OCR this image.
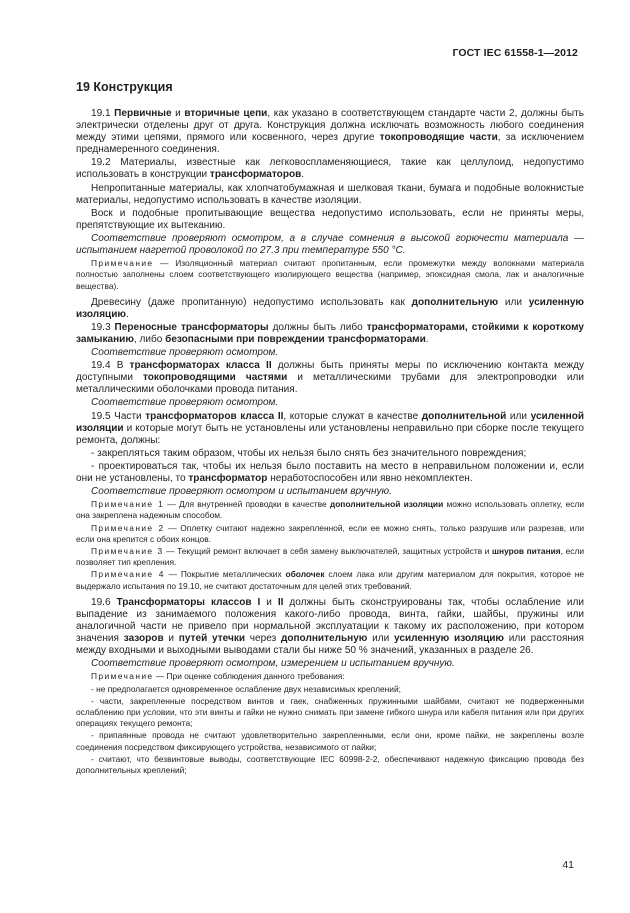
ГОСТ IEC 61558-1—2012
19 Конструкция

19.1 Первичные и вторичные цепи, как указано в соответствующем стандарте части 2, должны быть электрически отделены друг от друга. Конструкция должна исключать возможность любого соединения между этими цепями, прямого или косвенного, через другие токопроводящие части, за исключением преднамеренного соединения.

19.2 Материалы, известные как легковоспламеняющиеся, такие как целлулоид, недопустимо использовать в конструкции трансформаторов.

Непропитанные материалы, как хлопчатобумажная и шелковая ткани, бумага и подобные волокнистые материалы, недопустимо использовать в качестве изоляции.

Воск и подобные пропитывающие вещества недопустимо использовать, если не приняты меры, препятствующие их вытеканию.

Соответствие проверяют осмотром, а в случае сомнения в высокой горючести материала — испытанием нагретой проволокой по 27.3 при температуре 550 °С.

Примечание — Изоляционный материал считают пропитанным, если промежутки между волокнами материала полностью заполнены слоем соответствующего изолирующего вещества (например, эпоксидная смола, лак и аналогичные вещества).

Древесину (даже пропитанную) недопустимо использовать как дополнительную или усиленную изоляцию.

19.3 Переносные трансформаторы должны быть либо трансформаторами, стойкими к короткому замыканию, либо безопасными при повреждении трансформаторами.

Соответствие проверяют осмотром.

19.4 В трансформаторах класса II должны быть приняты меры по исключению контакта между доступными токопроводящими частями и металлическими трубами для электропроводки или металлическими оболочками провода питания.

Соответствие проверяют осмотром.

19.5 Части трансформаторов класса II, которые служат в качестве дополнительной или усиленной изоляции и которые могут быть не установлены или установлены неправильно при сборке после текущего ремонта, должны:

- закрепляться таким образом, чтобы их нельзя было снять без значительного повреждения;

- проектироваться так, чтобы их нельзя было поставить на место в неправильном положении и, если они не установлены, то трансформатор неработоспособен или явно некомплектен.

Соответствие проверяют осмотром и испытанием вручную.

Примечание 1 — Для внутренней проводки в качестве дополнительной изоляции можно использовать оплетку, если она закреплена надежным способом.

Примечание 2 — Оплетку считают надежно закрепленной, если ее можно снять, только разрушив или разрезав, или если она крепится с обоих концов.

Примечание 3 — Текущий ремонт включает в себя замену выключателей, защитных устройств и шнуров питания, если позволяет тип крепления.

Примечание 4 — Покрытие металлических оболочек слоем лака или другим материалом для покрытия, которое не выдержало испытания по 19.10, не считают достаточным для целей этих требований.

19.6 Трансформаторы классов I и II должны быть сконструированы так, чтобы ослабление или выпадение из занимаемого положения какого-либо провода, винта, гайки, шайбы, пружины или аналогичной части не привело при нормальной эксплуатации к такому их расположению, при котором значения зазоров и путей утечки через дополнительную или усиленную изоляцию или расстояния между входными и выходными выводами стали бы ниже 50 % значений, указанных в разделе 26.

Соответствие проверяют осмотром, измерением и испытанием вручную.

Примечание — При оценке соблюдения данного требования:

- не предполагается одновременное ослабление двух независимых креплений;

- части, закрепленные посредством винтов и гаек, снабженных пружинными шайбами, считают не подверженными ослаблению при условии, что эти винты и гайки не нужно снимать при замене гибкого шнура или кабеля питания или при других операциях текущего ремонта;

- припаянные провода не считают удовлетворительно закрепленными, если они, кроме пайки, не закреплены возле соединения посредством фиксирующего устройства, независимого от пайки;

- считают, что безвинтовые выводы, соответствующие IEC 60998-2-2, обеспечивают надежную фиксацию провода без дополнительных креплений;

41
